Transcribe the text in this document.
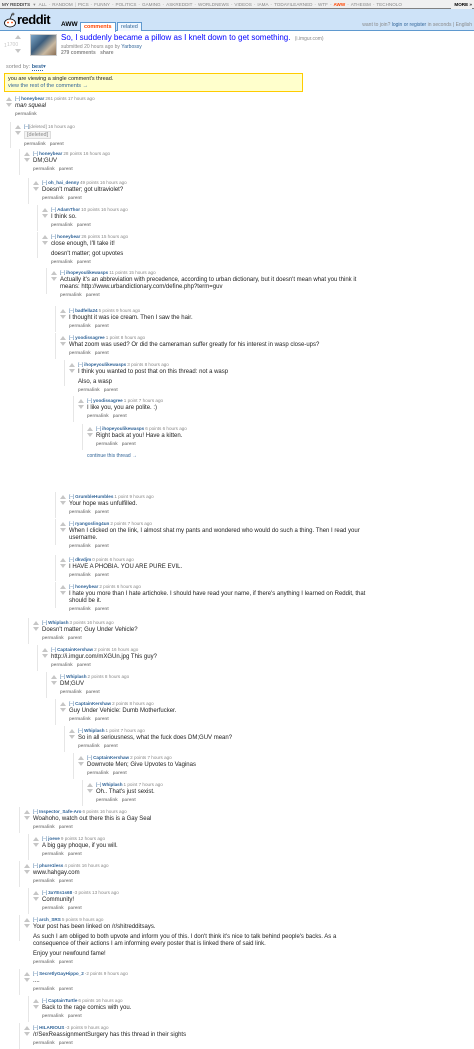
MY REDDITS ▾ ALL - RANDOM | PICS - FUNNY - POLITICS - GAMING - ASKREDDIT - WORLDNEWS - VIDEOS - IAMA - TODAYILEARNED - WTF - AWW - ATHEISM - TECHNOLO	MORE »
reddit AWW	comments	related	want to join? login or register in seconds | English
1 1700
So, I suddenly became a pillow as I knelt down to get something. (i.imgur.com)
submitted 20 hours ago by Yarbossy
279 comments share
sorted by: best▾
you are viewing a single comment's thread.
view the rest of the comments →
[–]honeybear261 points 17 hours ago
man squeal
permalink
[–][deleted] 16 hours ago
[deleted]
permalink parent
[–]honeybear28 points 16 hours ago
DM;GUV
permalink parent
[–]oh_hai_denny49 points 16 hours ago
Doesn't matter; got ultraviolet?
permalink parent
[–]AdamThor10 points 16 hours ago
I think so.
permalink parent
[–]honeybear26 points 15 hours ago
close enough, I'll take it!
doesn't matter; got upvotes
permalink parent
[–]ihopeyoulikewasps11 points 15 hours ago
Actually it's an abbreviation with precedence, according to urban dictionary, but it doesn't mean what you think it
means: http://www.urbandictionary.com/define.php?term=guv
permalink parent
[–]badfella245 points 9 hours ago
I thought it was ice cream. Then I saw the hair.
permalink parent
[–]yoodissagree1 point 8 hours ago
What zoom was used? Or did the cameraman suffer greatly for his interest in wasp close-ups?
permalink parent
[–]ihopeyoulikewasps3 points 8 hours ago
I think you wanted to post that on this thread: not a wasp
Also, a wasp
permalink parent
[–]yoodissagree1 point 7 hours ago
I like you, you are polite. :)
permalink parent
[–]ihopeyoulikewasps6 points 6 hours ago
Right back at you! Have a kitten.
permalink parent
[–]GrumbleHumbles1 point 9 hours ago
Your hope was unfulfilled.
permalink parent
[–]ryangosling4un2 points 7 hours ago
When I clicked on the link, I almost shat my pants and wondered who would do such a thing. Then I read your
username.
permalink parent
[–]dkvdjm0 points 6 hours ago
I HAVE A PHOBIA. YOU ARE PURE EVIL.
permalink parent
[–]honeybear2 points 6 hours ago
I hate you more than I hate artichoke. I should have read your name, if there's anything I learned on Reddit, that
should be it.
permalink parent
[–]Whiplash3 points 16 hours ago
Doesn't matter; Guy Under Vehicle?
permalink parent
[–]CaptainKershaw2 points 16 hours ago
http://i.imgur.com/mXGUn.jpg This guy?
permalink parent
[–]Whiplash2 points 8 hours ago
DM;GUV
permalink parent
[–]CaptainKershaw2 points 8 hours ago
Guy Under Vehicle: Dumb Motherfucker.
permalink parent
[–]Whiplash1 point 7 hours ago
So in all seriousness, what the fuck does DM;GUV mean?
permalink parent
[–]CaptainKershaw2 points 7 hours ago
Downvote Men; Give Upvotes to Vaginas
permalink parent
[–]Whiplash1 point 7 hours ago
Oh.. That's just sexist.
permalink parent
[–]Inspector_Safe-Aro6 points 16 hours ago
Woahoho, watch out there this is a Gay Seal
permalink parent
[–]joeve9 points 12 hours ago
A big gay phoque, if you will.
permalink parent
[–]phure1less4 points 16 hours ago
www.hahgay.com
permalink parent
[–]3aYEs1s68-3 points 13 hours ago
Community!
permalink parent
[–]arch_SRS5 points 9 hours ago
Your post has been linked on /r/shitredditsays.
As such I am obliged to both upvote and inform you of this. I don't think it's nice to talk behind people's backs. As a
consequence of their actions I am informing every poster that is linked there of said link.
Enjoy your newfound fame!
permalink parent
[–]SecretlyGayHippo_2-2 points 9 hours ago
....
permalink parent
[–]CaptainTurtle6 points 16 hours ago
Back to the rage comics with you.
permalink parent
[–]HILARIOUS-3 points 9 hours ago
/r/SexReassignmentSurgery has this thread in their sights
permalink parent
continue this thread →
